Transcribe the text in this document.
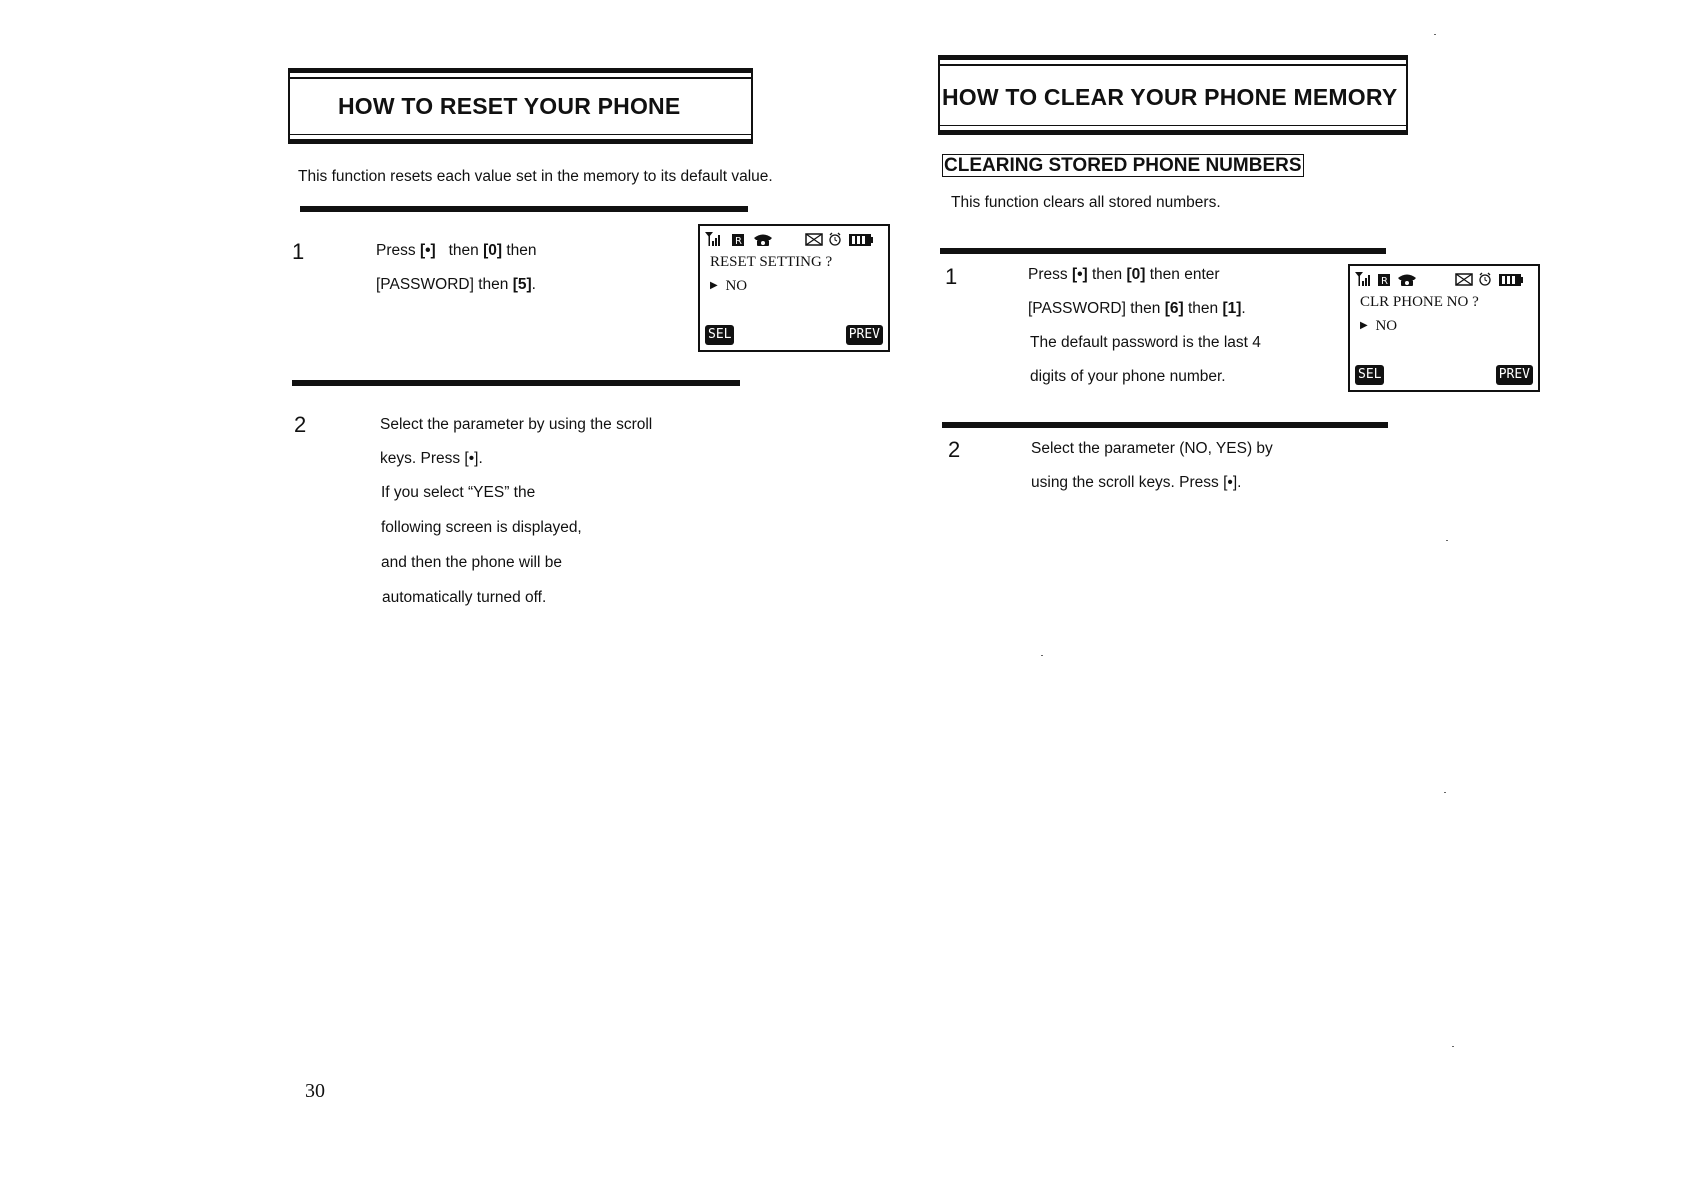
HOW TO RESET YOUR PHONE
This function resets each value set in the memory to its default value.
1	Press [•] then [0] then
[PASSWORD] then [5].
R
RESET SETTING ?
▶ NO
SEL	PREV
2	Select the parameter by using the scroll
keys. Press [•].
If you select “YES” the
following screen is displayed,
and then the phone will be
automatically turned off.
30
HOW TO CLEAR YOUR PHONE MEMORY
CLEARING STORED PHONE NUMBERS
This function clears all stored numbers.
1	Press [•] then [0] then enter
[PASSWORD] then [6] then [1].
The default password is the last 4
digits of your phone number.
R
CLR PHONE NO ?
▶ NO
SEL	PREV
2	Select the parameter (NO, YES) by
using the scroll keys. Press [•].
